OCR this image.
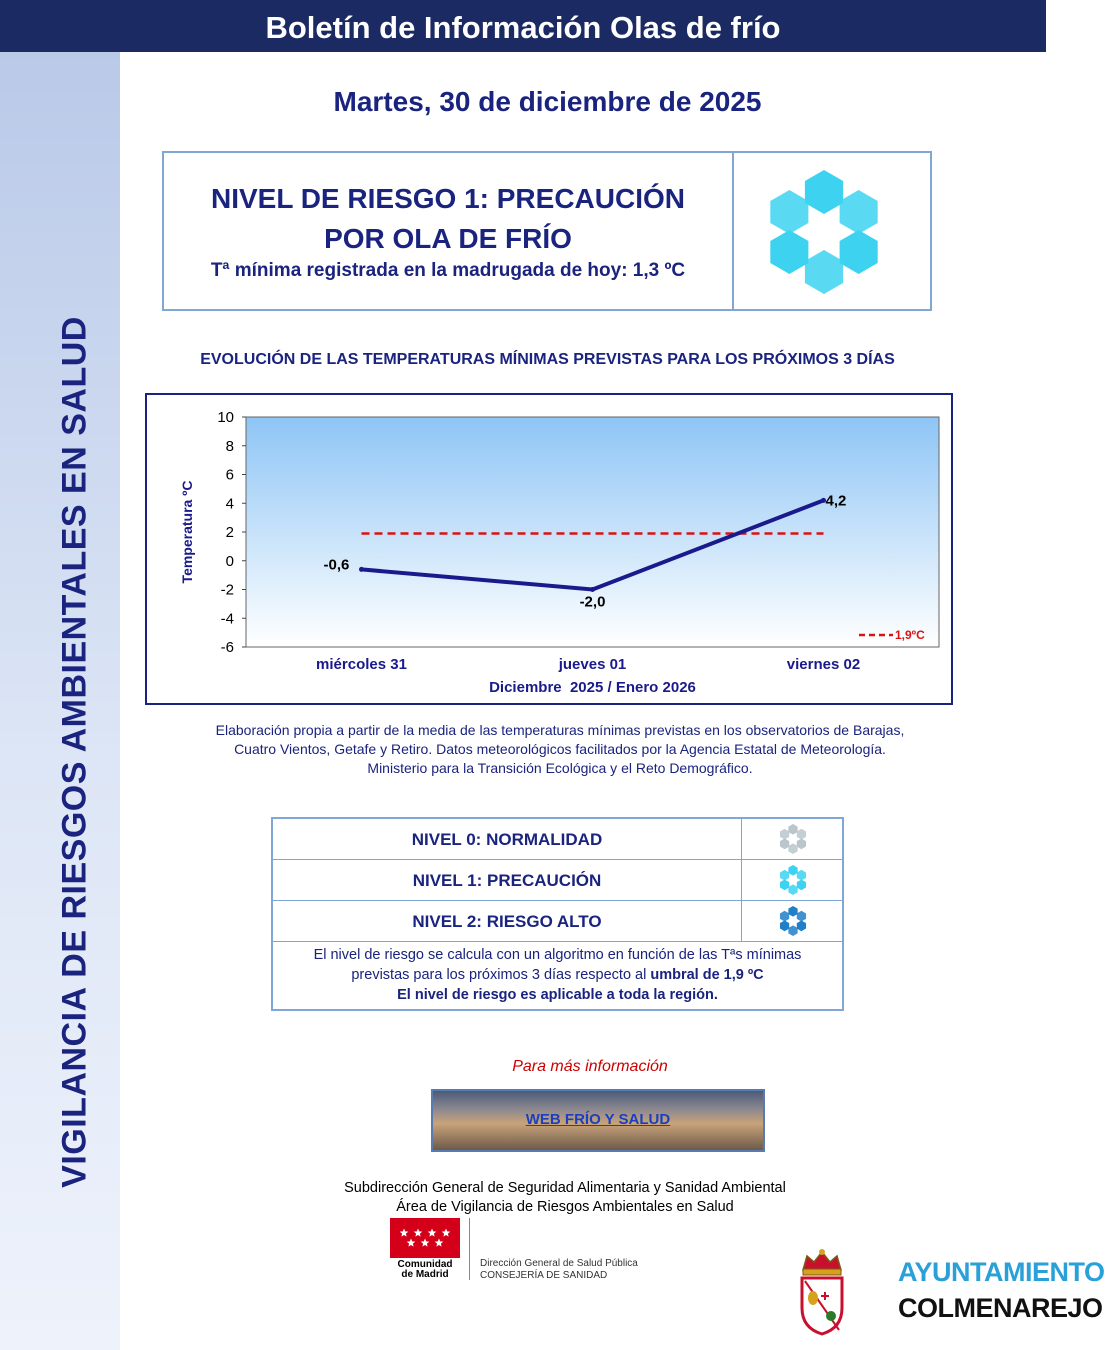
VIGILANCIA DE RIESGOS AMBIENTALES EN SALUD
Boletín de Información Olas de frío
Martes, 30 de diciembre de 2025
NIVEL DE RIESGO 1: PRECAUCIÓN
POR OLA DE FRÍO
Tª mínima registrada en la madrugada de hoy: 1,3 ºC
EVOLUCIÓN DE LAS TEMPERATURAS MÍNIMAS PREVISTAS PARA LOS PRÓXIMOS 3 DÍAS
10
8
6
4
2
0
-2
-4
-6
-0,6
-2,0
4,2
miércoles 31	jueves 01	viernes 02
Temperatura ºC
Diciembre  2025 / Enero 2026
1,9ºC
Elaboración propia a partir de la media de las temperaturas mínimas previstas en los observatorios de Barajas,
Cuatro Vientos, Getafe y Retiro. Datos meteorológicos facilitados por la Agencia Estatal de Meteorología.
Ministerio para la Transición Ecológica y el Reto Demográfico.
NIVEL 0: NORMALIDAD
NIVEL 1: PRECAUCIÓN
NIVEL 2: RIESGO ALTO
El nivel de riesgo se calcula con un algoritmo en función de las Tªs mínimas
previstas para los próximos 3 días respecto al umbral de 1,9 ºC
El nivel de riesgo es aplicable a toda la región.
Para más información
WEB FRÍO Y SALUD
Subdirección General de Seguridad Alimentaria y Sanidad Ambiental
Área de Vigilancia de Riesgos Ambientales en Salud
Comunidad
de Madrid
Dirección General de Salud Pública
CONSEJERÍA DE SANIDAD	AYUNTAMIENTO
COLMENAREJO
